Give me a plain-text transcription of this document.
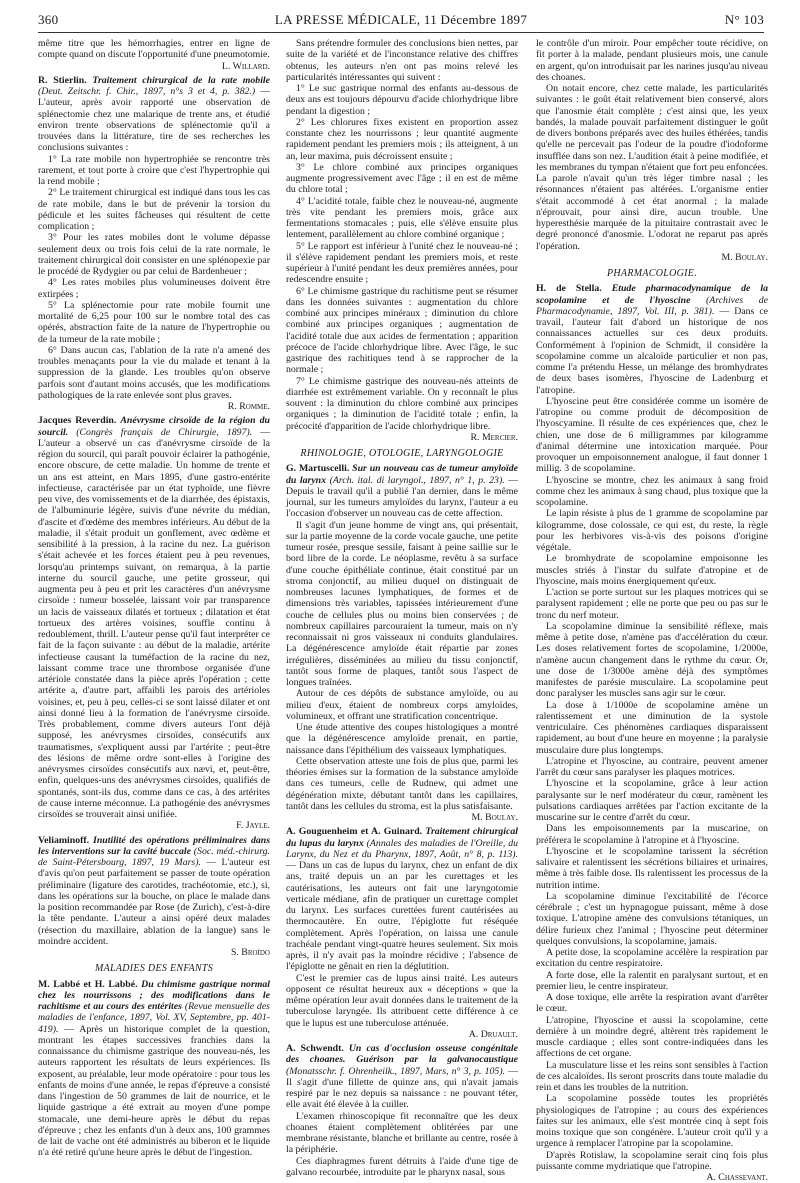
360	LA PRESSE MÉDICALE, 11 Décembre 1897	N° 103

même titre que les hémorrhagies, entrer en ligne de compte quand on discute l'opportunité d'une pneumotomie.

L. Willard.

R. Stierlin. Traitement chirurgical de la rate mobile (Deut. Zeitschr. f. Chir., 1897, n°s 3 et 4, p. 382.) — L'auteur, après avoir rapporté une observation de splénectomie chez une malarique de trente ans, et étudié environ trente observations de splénectomie qu'il a trouvées dans la littérature, tire de ses recherches les conclusions suivantes :

1° La rate mobile non hypertrophiée se rencontre très rarement, et tout porte à croire que c'est l'hypertrophie qui la rend mobile ;

2° Le traitement chirurgical est indiqué dans tous les cas de rate mobile, dans le but de prévenir la torsion du pédicule et les suites fâcheuses qui résultent de cette complication ;

3° Pour les rates mobiles dont le volume dépasse seulement deux ou trois fois celui de la rate normale, le traitement chirurgical doit consister en une splénopexie par le procédé de Rydygier ou par celui de Bardenheuer ;

4° Les rates mobiles plus volumineuses doivent être extirpées ;

5° La splénectomie pour rate mobile fournit une mortalité de 6,25 pour 100 sur le nombre total des cas opérés, abstraction faite de la nature de l'hypertrophie ou de la tumeur de la rate mobile ;

6° Dans aucun cas, l'ablation de la rate n'a amené des troubles menaçants pour la vie du malade et tenant à la suppression de la glande. Les troubles qu'on observe parfois sont d'autant moins accusés, que les modifications pathologiques de la rate enlevée sont plus graves.

R. Romme.

Jacques Reverdin. Anévrysme cirsoïde de la région du sourcil. (Congrès français de Chirurgie, 1897). — L'auteur a observé un cas d'anévrysme cirsoïde de la région du sourcil, qui paraît pouvoir éclairer la pathogénie, encore obscure, de cette maladie. Un homme de trente et un ans est atteint, en Mars 1895, d'une gastro-entérite infectieuse, caractérisée par un état typhoïde, une fièvre peu vive, des vomissements et de la diarrhée, des épistaxis, de l'albuminurie légère, suivis d'une névrite du médian, d'ascite et d'œdème des membres inférieurs. Au début de la maladie, il s'était produit un gonflement, avec œdème et sensibilité à la pression, à la racine du nez. La guérison s'était achevée et les forces étaient peu à peu revenues, lorsqu'au printemps suivant, on remarqua, à la partie interne du sourcil gauche, une petite grosseur, qui augmenta peu à peu et prit les caractères d'un anévrysme cirsoïde : tumeur bosselée, laissant voir par transparence un lacis de vaisseaux dilatés et tortueux ; dilatation et état tortueux des artères voisines, souffle continu à redoublement, thrill. L'auteur pense qu'il faut interpréter ce fait de la façon suivante : au début de la maladie, artérite infectieuse causant la tuméfaction de la racine du nez, laissant comme trace une thrombose organisée d'une artériole constatée dans la pièce après l'opération ; cette artérite a, d'autre part, affaibli les parois des artérioles voisines, et, peu à peu, celles-ci se sont laissé dilater et ont ainsi donné lieu à la formation de l'anévrysme cirsoïde. Très probablement, comme divers auteurs l'ont déjà supposé, les anévrysmes cirsoïdes, consécutifs aux traumatismes, s'expliquent aussi par l'artérite ; peut-être des lésions de même ordre sont-elles à l'origine des anévrysmes cirsoïdes consécutifs aux nævi, et, peut-être, enfin, quelques-uns des anévrysmes cirsoïdes, qualifiés de spontanés, sont-ils dus, comme dans ce cas, à des artérites de cause interne méconnue. La pathogénie des anévrysmes cirsoïdes se trouverait ainsi unifiée.

F. Jayle.

Veliaminoff. Inutilité des opérations préliminaires dans les interventions sur la cavité buccale (Soc. méd.-chirurg. de Saint-Pétersbourg, 1897, 19 Mars). — L'auteur est d'avis qu'on peut parfaitement se passer de toute opération préliminaire (ligature des carotides, trachéotomie, etc.), si, dans les opérations sur la bouche, on place le malade dans la position recommandée par Rose (de Zurich), c'est-à-dire la tête pendante. L'auteur a ainsi opéré deux malades (résection du maxillaire, ablation de la langue) sans le moindre accident.

S. Broïdo

MALADIES DES ENFANTS

M. Labbé et H. Labbé. Du chimisme gastrique normal chez les nourrissons ; des modifications dans le rachitisme et au cours des entérites (Revue mensuelle des maladies de l'enfance, 1897, Vol. XV, Septembre, pp. 401-419). — Après un historique complet de la question, montrant les étapes successives franchies dans la connaissance du chimisme gastrique des nouveau-nés, les auteurs rapportent les résultats de leurs expériences. Ils exposent, au préalable, leur mode opératoire : pour tous les enfants de moins d'une année, le repas d'épreuve a consisté dans l'ingestion de 50 grammes de lait de nourrice, et le liquide gastrique a été extrait au moyen d'une pompe stomacale, une demi-heure après le début du repas d'épreuve ; chez les enfants d'un à deux ans, 100 grammes de lait de vache ont été administrés au biberon et le liquide n'a été retiré qu'une heure après le début de l'ingestion.

Sans prétendre formuler des conclusions bien nettes, par suite de la variété et de l'inconstance relative des chiffres obtenus, les auteurs n'en ont pas moins relevé les particularités intéressantes qui suivent :

1° Le suc gastrique normal des enfants au-dessous de deux ans est toujours dépourvu d'acide chlorhydrique libre pendant la digestion ;

2° Les chlorures fixes existent en proportion assez constante chez les nourrissons ; leur quantité augmente rapidement pendant les premiers mois ; ils atteignent, à un an, leur maxima, puis décroissent ensuite ;

3° Le chlore combiné aux principes organiques augmente progressivement avec l'âge ; il en est de même du chlore total ;

4° L'acidité totale, faible chez le nouveau-né, augmente très vite pendant les premiers mois, grâce aux fermentations stomacales ; puis, elle s'élève ensuite plus lentement, parallèlement au chlore combiné organique ;

5° Le rapport est inférieur à l'unité chez le nouveau-né ; il s'élève rapidement pendant les premiers mois, et reste supérieur à l'unité pendant les deux premières années, pour redescendre ensuite ;

6° Le chimisme gastrique du rachitisme peut se résumer dans les données suivantes : augmentation du chlore combiné aux principes minéraux ; diminution du chlore combiné aux principes organiques ; augmentation de l'acidité totale due aux acides de fermentation ; apparition précoce de l'acide chlorhydrique libre. Avec l'âge, le suc gastrique des rachitiques tend à se rapprocher de la normale ;

7° Le chimisme gastrique des nouveau-nés atteints de diarrhée est extrêmement variable. On y reconnaît le plus souvent : la diminution du chlore combiné aux principes organiques ; la diminution de l'acidité totale ; enfin, la précocité d'apparition de l'acide chlorhydrique libre.

R. Mercier.

RHINOLOGIE, OTOLOGIE, LARYNGOLOGIE

G. Martuscelli. Sur un nouveau cas de tumeur amyloïde du larynx (Arch. ital. di laryngol., 1897, n° 1, p. 23). — Depuis le travail qu'il a publié l'an dernier, dans le même journal, sur les tumeurs amyloïdes du larynx, l'auteur a eu l'occasion d'observer un nouveau cas de cette affection.

Il s'agit d'un jeune homme de vingt ans, qui présentait, sur la partie moyenne de la corde vocale gauche, une petite tumeur rosée, presque sessile, faisant à peine saillie sur le bord libre de la corde. Le néoplasme, revêtu à sa surface d'une couche épithéliale continue, était constitué par un stroma conjonctif, au milieu duquel on distinguait de nombreuses lacunes lymphatiques, de formes et de dimensions très variables, tapissées intérieurement d'une couche de cellules plus ou moins bien conservées ; de nombreux capillaires parcouraient la tumeur, mais on n'y reconnaissait ni gros vaisseaux ni conduits glandulaires. La dégénérescence amyloïde était répartie par zones irrégulières, disséminées au milieu du tissu conjonctif, tantôt sous forme de plaques, tantôt sous l'aspect de longues traînées.

Autour de ces dépôts de substance amyloïde, ou au milieu d'eux, étaient de nombreux corps amyloïdes, volumineux, et offrant une stratification concentrique.

Une étude attentive des coupes histologiques a montré que la dégénérescence amyloïde prenait, en partie, naissance dans l'épithélium des vaisseaux lymphatiques.

Cette observation atteste une fois de plus que, parmi les théories émises sur la formation de la substance amyloïde dans ces tumeurs, celle de Rudnew, qui admet une dégénération mixte, débutant tantôt dans les capillaires, tantôt dans les cellules du stroma, est la plus satisfaisante.

M. Boulay.

A. Gouguenheim et A. Guinard. Traitement chirurgical du lupus du larynx (Annales des maladies de l'Oreille, du Larynx, du Nez et du Pharynx, 1897, Août, n° 8, p. 113). — Dans un cas de lupus du larynx, chez un enfant de dix ans, traité depuis un an par les curettages et les cautérisations, les auteurs ont fait une laryngotomie verticale médiane, afin de pratiquer un curettage complet du larynx. Les surfaces curettées furent cautérisées au thermocautère. En outre, l'épiglotte fut réséquée complètement. Après l'opération, on laissa une canule trachéale pendant vingt-quatre heures seulement. Six mois après, il n'y avait pas la moindre récidive ; l'absence de l'épiglotte ne gênait en rien la déglutition.

C'est le premier cas de lupus ainsi traité. Les auteurs opposent ce résultat heureux aux « déceptions » que la même opération leur avait données dans le traitement de la tuberculose laryngée. Ils attribuent cette différence à ce que le lupus est une tuberculose atténuée.

A. Druault.

A. Schwendt. Un cas d'occlusion osseuse congénitale des choanes. Guérison par la galvanocaustique (Monatsschr. f. Ohrenheilk., 1897, Mars, n° 3, p. 105). — Il s'agit d'une fillette de quinze ans, qui n'avait jamais respiré par le nez depuis sa naissance : ne pouvant téter, elle avait été élevée à la cuiller.

L'examen rhinoscopique fit reconnaître que les deux choanes étaient complètement oblitérées par une membrane résistante, blanche et brillante au centre, rosée à la périphérie.

Ces diaphragmes furent détruits à l'aide d'une tige de galvano recourbée, introduite par le pharynx nasal, sous

le contrôle d'un miroir. Pour empêcher toute récidive, on fit porter à la malade, pendant plusieurs mois, une canule en argent, qu'on introduisait par les narines jusqu'au niveau des choanes.

On notait encore, chez cette malade, les particularités suivantes : le goût était relativement bien conservé, alors que l'anosmie était complète ; c'est ainsi que, les yeux bandés, la malade pouvait parfaitement distinguer le goût de divers bonbons préparés avec des huiles éthérées, tandis qu'elle ne percevait pas l'odeur de la poudre d'iodoforme insufflée dans son nez. L'audition était à peine modifiée, et les membranes du tympan n'étaient que fort peu enfoncées. La parole n'avait qu'un très léger timbre nasal ; les résonnances n'étaient pas altérées. L'organisme entier s'était accommodé à cet état anormal ; la malade n'éprouvait, pour ainsi dire, aucun trouble. Une hyperesthésie marquée de la pituitaire contrastait avec le degré prononcé d'anosmie. L'odorat ne reparut pas après l'opération.

M. Boulay.

PHARMACOLOGIE.

H. de Stella. Etude pharmacodynamique de la scopolamine et de l'hyoscine (Archives de Pharmacodynamie, 1897, Vol. III, p. 381). — Dans ce travail, l'auteur fait d'abord un historique de nos connaissances actuelles sur ces deux produits. Conformément à l'opinion de Schmidt, il considère la scopolamine comme un alcaloïde particulier et non pas, comme l'a prétendu Hesse, un mélange des bromhydrates de deux bases isomères, l'hyoscine de Ladenburg et l'atropine.

L'hyoscine peut être considérée comme un isomère de l'atropine ou comme produit de décomposition de l'hyoscyamine. Il résulte de ces expériences que, chez le chien, une dose de 6 milligrammes par kilogramme d'animal détermine une intoxication marquée. Pour provoquer un empoisonnement analogue, il faut donner 1 millig. 3 de scopolamine.

L'hyoscine se montre, chez les animaux à sang froid comme chez les animaux à sang chaud, plus toxique que la scopolamine.

Le lapin résiste à plus de 1 gramme de scopolamine par kilogramme, dose colossale, ce qui est, du reste, la règle pour les herbivores vis-à-vis des poisons d'origine végétale.

Le bromhydrate de scopolamine empoisonne les muscles striés à l'instar du sulfate d'atropine et de l'hyoscine, mais moins énergiquement qu'eux.

L'action se porte surtout sur les plaques motrices qui se paralysent rapidement ; elle ne porte que peu ou pas sur le tronc du nerf moteur.

La scopolamine diminue la sensibilité réflexe, mais même à petite dose, n'amène pas d'accélération du cœur. Les doses relativement fortes de scopolamine, 1/2000e, n'amène aucun changement dans le rythme du cœur. Or, une dose de 1/3000e amène déjà des symptômes manifestes de parésie musculaire. La scopolamine peut donc paralyser les muscles sans agir sur le cœur.

La dose à 1/1000e de scopolamine amène un ralentissement et une diminution de la systole ventriculaire. Ces phénomènes cardiaques disparaissent rapidement, au bout d'une heure en moyenne ; la paralysie musculaire dure plus longtemps.

L'atropine et l'hyoscine, au contraire, peuvent amener l'arrêt du cœur sans paralyser les plaques motrices.

L'hyoscine et la scopolamine, grâce à leur action paralysante sur le nerf modérateur du cœur, ramènent les pulsations cardiaques arrêtées par l'action excitante de la muscarine sur le centre d'arrêt du cœur.

Dans les empoisonnements par la muscarine, on préférera le scopolamine à l'atropine et à l'hyoscine.

L'hyoscine et le scopolamine tarissent la sécrétion salivaire et ralentissent les sécrétions biliaires et urinaires, même à très faible dose. Ils ralentissent les processus de la nutrition intime.

La scopolamine diminue l'excitabilité de l'écorce cérébrale ; c'est un hypnagogue puissant, même à dose toxique. L'atropine amène des convulsions tétaniques, un délire furieux chez l'animal ; l'hyoscine peut déterminer quelques convulsions, la scopolamine, jamais.

A petite dose, la scopolamine accélère la respiration par excitation du centre respiratoire.

A forte dose, elle la ralentit en paralysant surtout, et en premier lieu, le centre inspirateur.

A dose toxique, elle arrête la respiration avant d'arrêter le cœur.

L'atropine, l'hyoscine et aussi la scopolamine, cette dernière à un moindre degré, altèrent très rapidement le muscle cardiaque ; elles sont contre-indiquées dans les affections de cet organe.

La musculature lisse et les reins sont sensibles à l'action de ces alcaloïdes. Ils seront proscrits dans toute maladie du rein et dans les troubles de la nutrition.

La scopolamine possède toutes les propriétés physiologiques de l'atropine ; au cours des expériences faites sur les animaux, elle s'est montrée cinq à sept fois moins toxique que son congénère. L'auteur croit qu'il y a urgence à remplacer l'atropine par la scopolamine.

D'après Rotislaw, la scopolamine serait cinq fois plus puissante comme mydriatique que l'atropine.

A. Chassevant.
